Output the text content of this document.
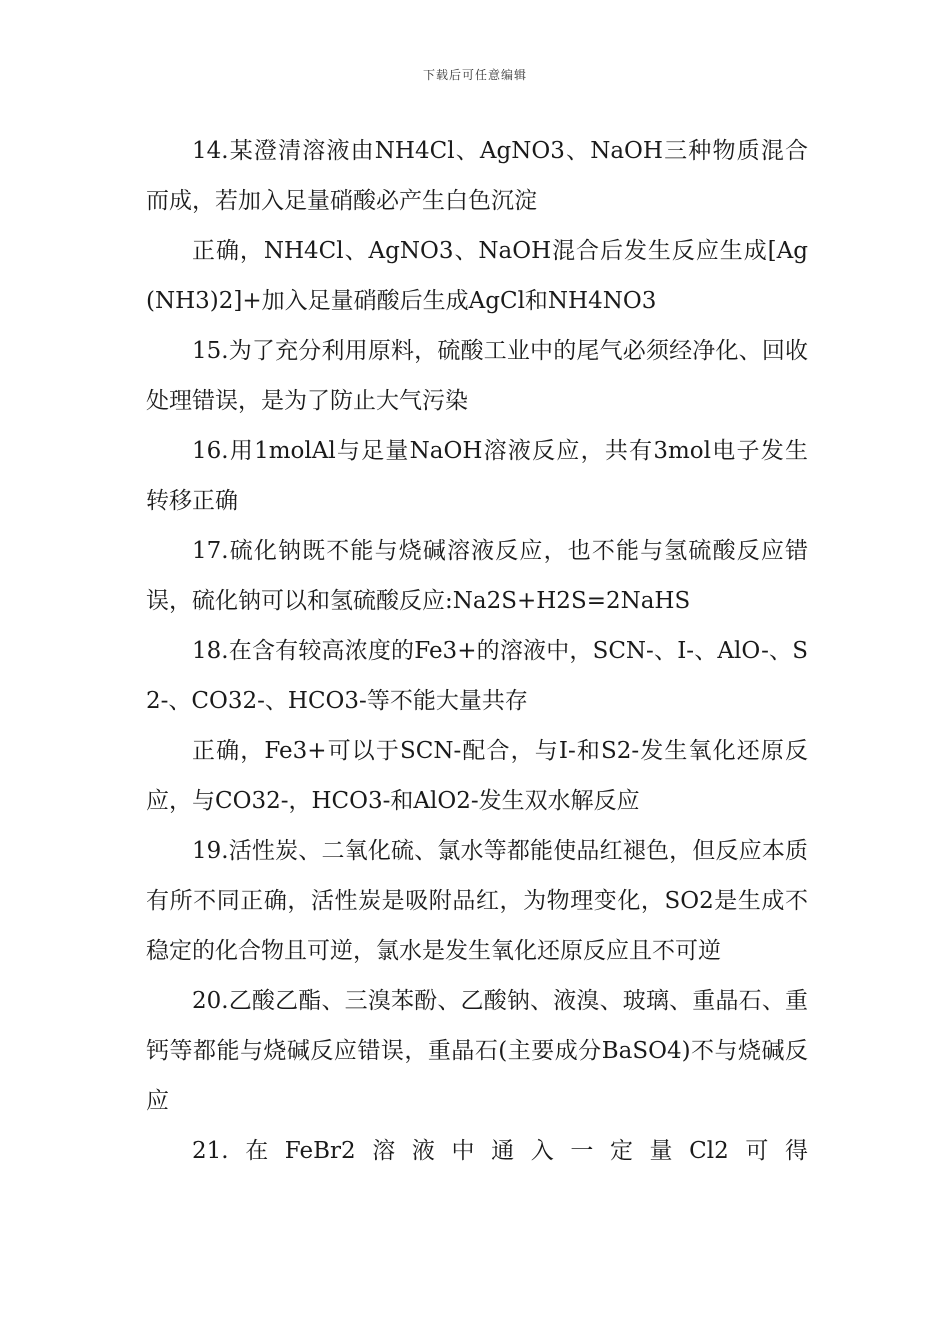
下载后可任意编辑

14.某澄清溶液由NH4Cl、AgNO3、NaOH三种物质混合而成，若加入足量硝酸必产生白色沉淀

正确，NH4Cl、AgNO3、NaOH混合后发生反应生成[Ag(NH3)2]+加入足量硝酸后生成AgCl和NH4NO3

15.为了充分利用原料，硫酸工业中的尾气必须经净化、回收处理错误，是为了防止大气污染

16.用1molAl与足量NaOH溶液反应，共有3mol电子发生转移正确

17.硫化钠既不能与烧碱溶液反应，也不能与氢硫酸反应错误，硫化钠可以和氢硫酸反应:Na2S+H2S=2NaHS

18.在含有较高浓度的Fe3+的溶液中，SCN-、I-、AlO-、S2-、CO32-、HCO3-等不能大量共存

正确，Fe3+可以于SCN-配合，与I-和S2-发生氧化还原反应，与CO32-，HCO3-和AlO2-发生双水解反应

19.活性炭、二氧化硫、氯水等都能使品红褪色，但反应本质有所不同正确，活性炭是吸附品红，为物理变化，SO2是生成不稳定的化合物且可逆，氯水是发生氧化还原反应且不可逆

20.乙酸乙酯、三溴苯酚、乙酸钠、液溴、玻璃、重晶石、重钙等都能与烧碱反应错误，重晶石(主要成分BaSO4)不与烧碱反应

21.在FeBr2溶液中通入一定量Cl2可得
